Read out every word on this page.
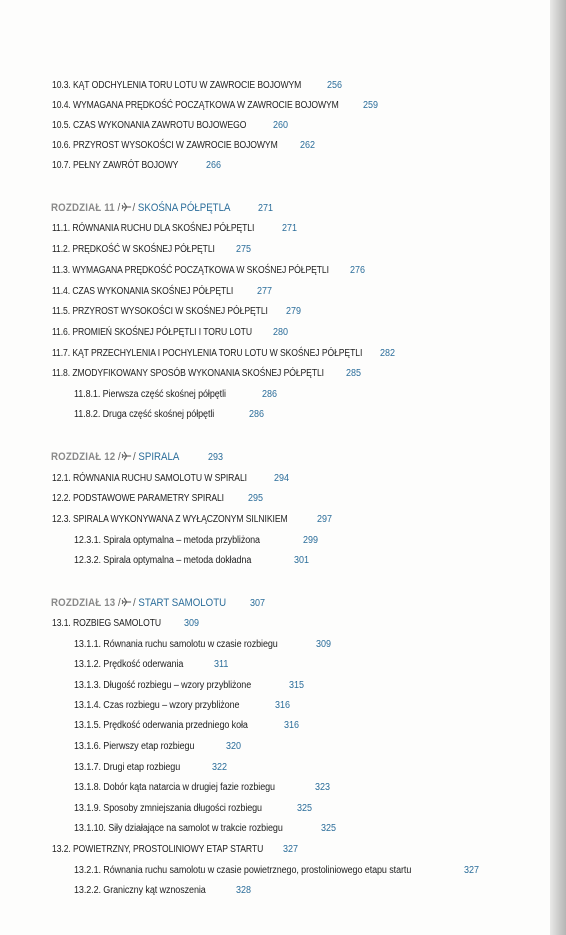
10.3. KĄT ODCHYLENIA TORU LOTU W ZAWROCIE BOJOWYM	256
10.4. WYMAGANA PRĘDKOŚĆ POCZĄTKOWA W ZAWROCIE BOJOWYM	259
10.5. CZAS WYKONANIA ZAWROTU BOJOWEGO	260
10.6. PRZYROST WYSOKOŚCI W ZAWROCIE BOJOWYM	262
10.7. PEŁNY ZAWRÓT BOJOWY	266
ROZDZIAŁ 11 / / SKOŚNA PÓŁPĘTLA	271
11.1. RÓWNANIA RUCHU DLA SKOŚNEJ PÓŁPĘTLI	271
11.2. PRĘDKOŚĆ W SKOŚNEJ PÓŁPĘTLI	275
11.3. WYMAGANA PRĘDKOŚĆ POCZĄTKOWA W SKOŚNEJ PÓŁPĘTLI	276
11.4. CZAS WYKONANIA SKOŚNEJ PÓŁPĘTLI	277
11.5. PRZYROST WYSOKOŚCI W SKOŚNEJ PÓŁPĘTLI	279
11.6. PROMIEŃ SKOŚNEJ PÓŁPĘTLI I TORU LOTU	280
11.7. KĄT PRZECHYLENIA I POCHYLENIA TORU LOTU W SKOŚNEJ PÓŁPĘTLI	282
11.8. ZMODYFIKOWANY SPOSÓB WYKONANIA SKOŚNEJ PÓŁPĘTLI	285
11.8.1. Pierwsza część skośnej półpętli	286
11.8.2. Druga część skośnej półpętli	286
ROZDZIAŁ 12 / / SPIRALA	293
12.1. RÓWNANIA RUCHU SAMOLOTU W SPIRALI	294
12.2. PODSTAWOWE PARAMETRY SPIRALI	295
12.3. SPIRALA WYKONYWANA Z WYŁĄCZONYM SILNIKIEM	297
12.3.1. Spirala optymalna – metoda przybliżona	299
12.3.2. Spirala optymalna – metoda dokładna	301
ROZDZIAŁ 13 / / START SAMOLOTU	307
13.1. ROZBIEG SAMOLOTU	309
13.1.1. Równania ruchu samolotu w czasie rozbiegu	309
13.1.2. Prędkość oderwania	311
13.1.3. Długość rozbiegu – wzory przybliżone	315
13.1.4. Czas rozbiegu – wzory przybliżone	316
13.1.5. Prędkość oderwania przedniego koła	316
13.1.6. Pierwszy etap rozbiegu	320
13.1.7. Drugi etap rozbiegu	322
13.1.8. Dobór kąta natarcia w drugiej fazie rozbiegu	323
13.1.9. Sposoby zmniejszania długości rozbiegu	325
13.1.10. Siły działające na samolot w trakcie rozbiegu	325
13.2. POWIETRZNY, PROSTOLINIOWY ETAP STARTU	327
13.2.1. Równania ruchu samolotu w czasie powietrznego, prostoliniowego etapu startu	327
13.2.2. Graniczny kąt wznoszenia	328
